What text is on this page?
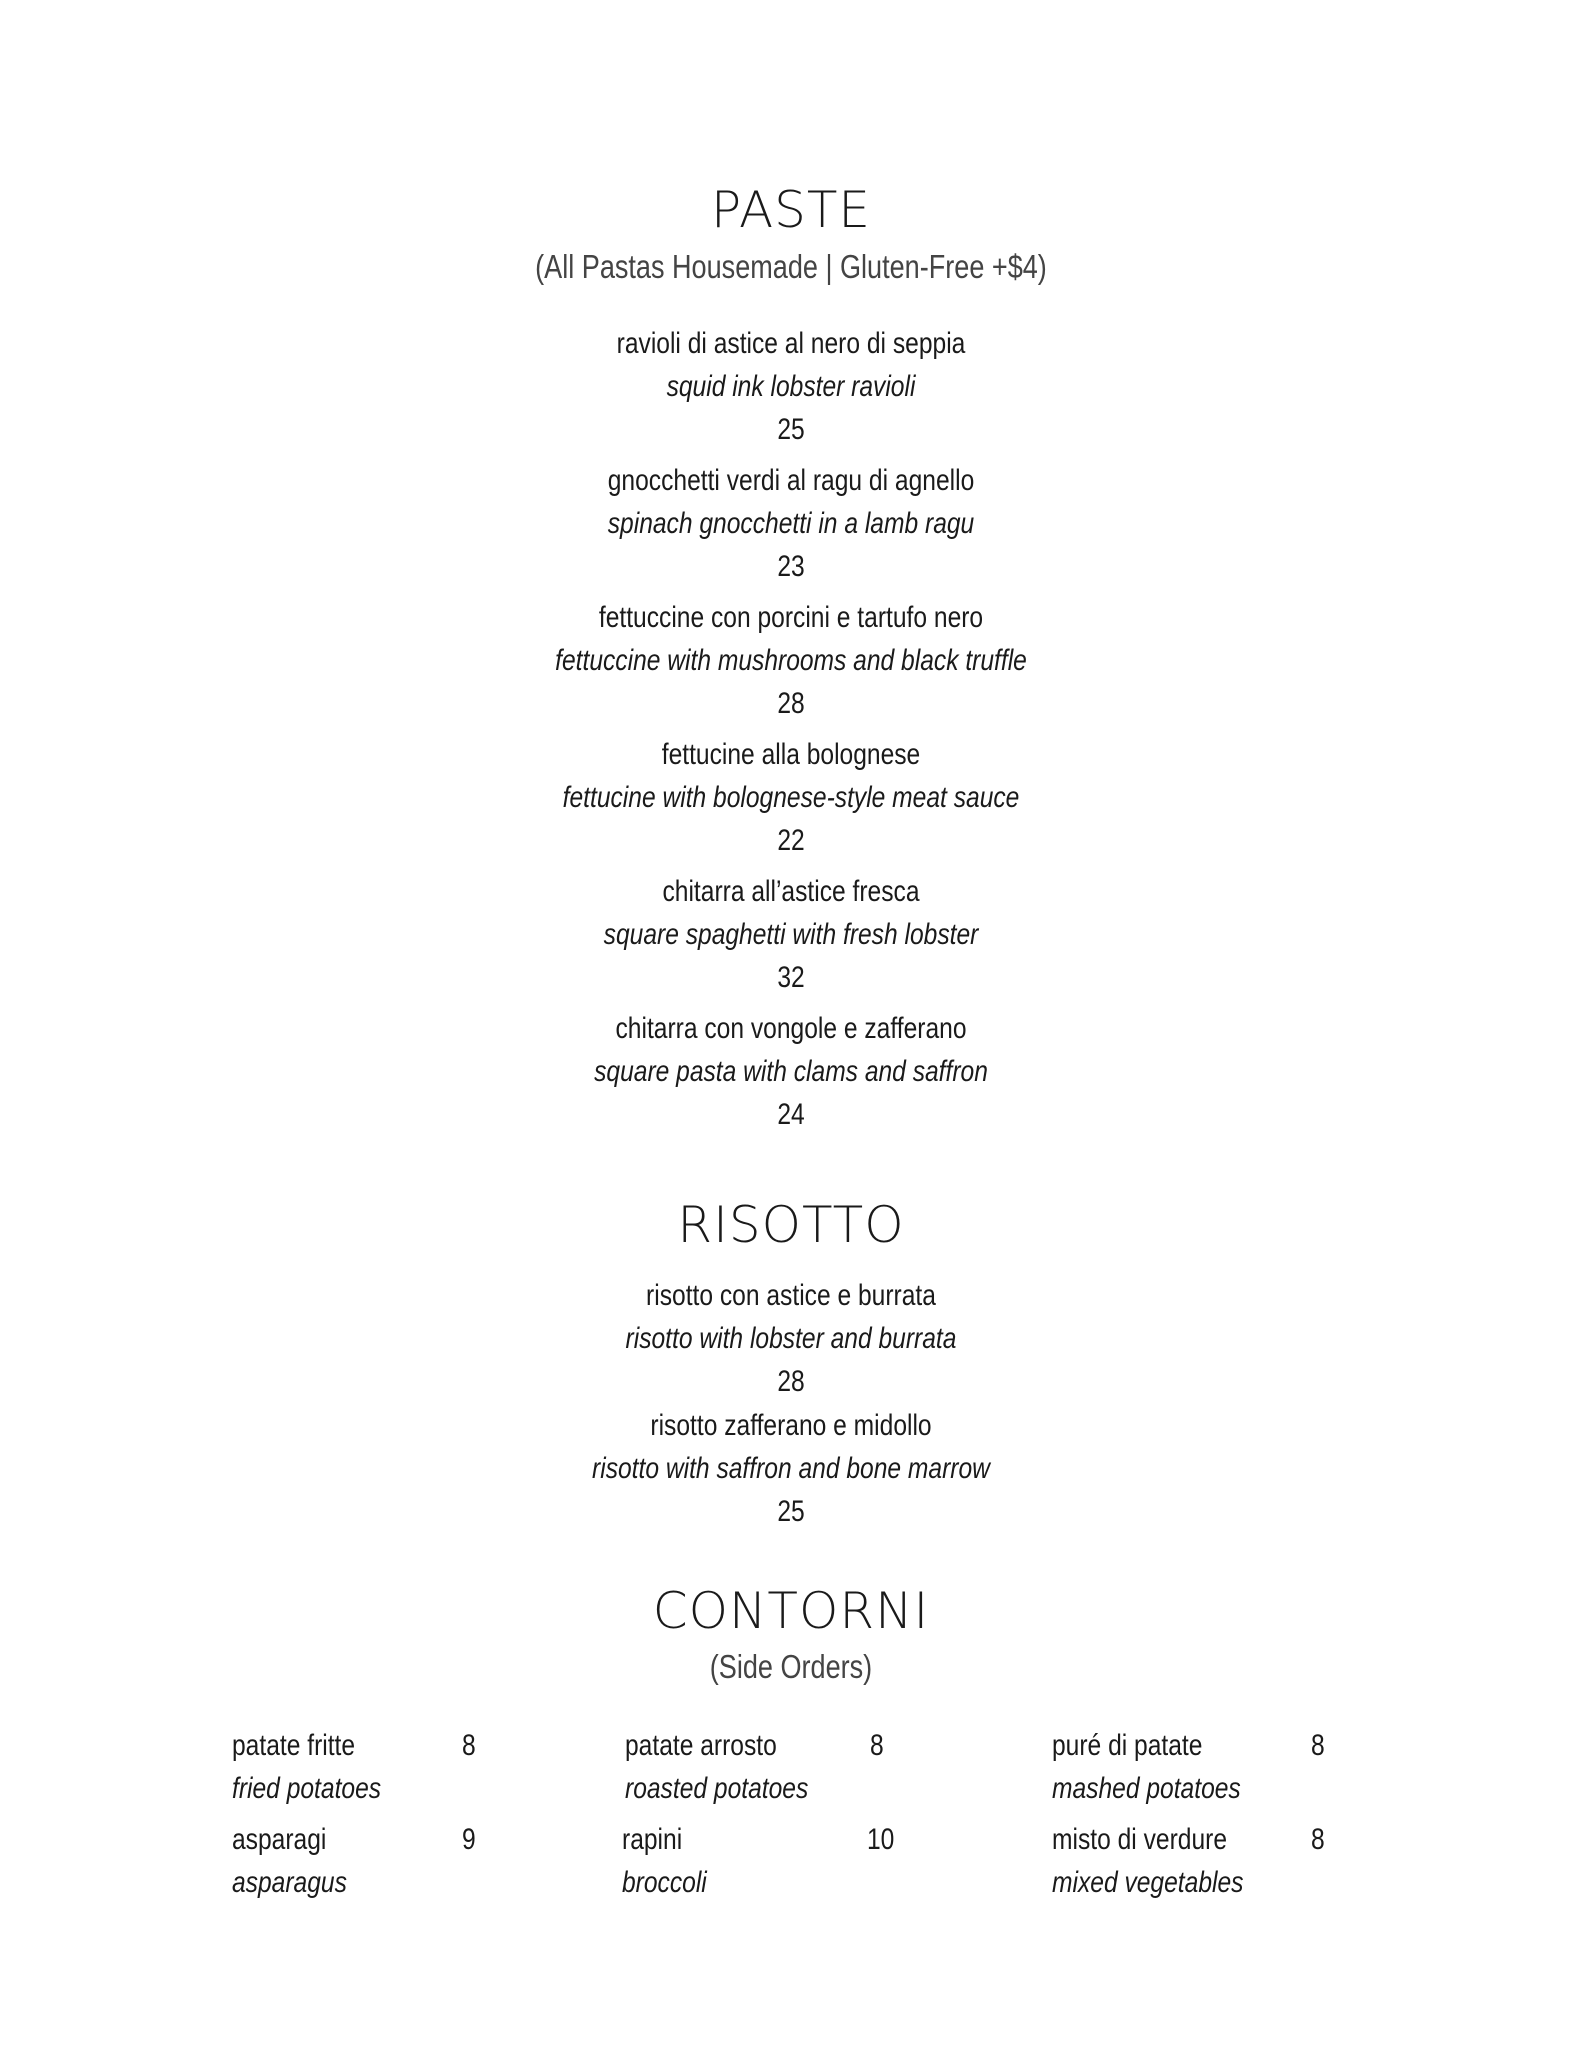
PASTE
(All Pastas Housemade | Gluten-Free +$4)
ravioli di astice al nero di seppia
squid ink lobster ravioli
25
gnocchetti verdi al ragu di agnello
spinach gnocchetti in a lamb ragu
23
fettuccine con porcini e tartufo nero
fettuccine with mushrooms and black truffle
28
fettucine alla bolognese
fettucine with bolognese-style meat sauce
22
chitarra all’astice fresca
square spaghetti with fresh lobster
32
chitarra con vongole e zafferano
square pasta with clams and saffron
24
RISOTTO
risotto con astice e burrata
risotto with lobster and burrata
28
risotto zafferano e midollo
risotto with saffron and bone marrow
25
CONTORNI
(Side Orders)
patate fritte	8
fried potatoes
patate arrosto	8
roasted potatoes
puré di patate	8
mashed potatoes
asparagi	9
asparagus
rapini	10
broccoli
misto di verdure	8
mixed vegetables
